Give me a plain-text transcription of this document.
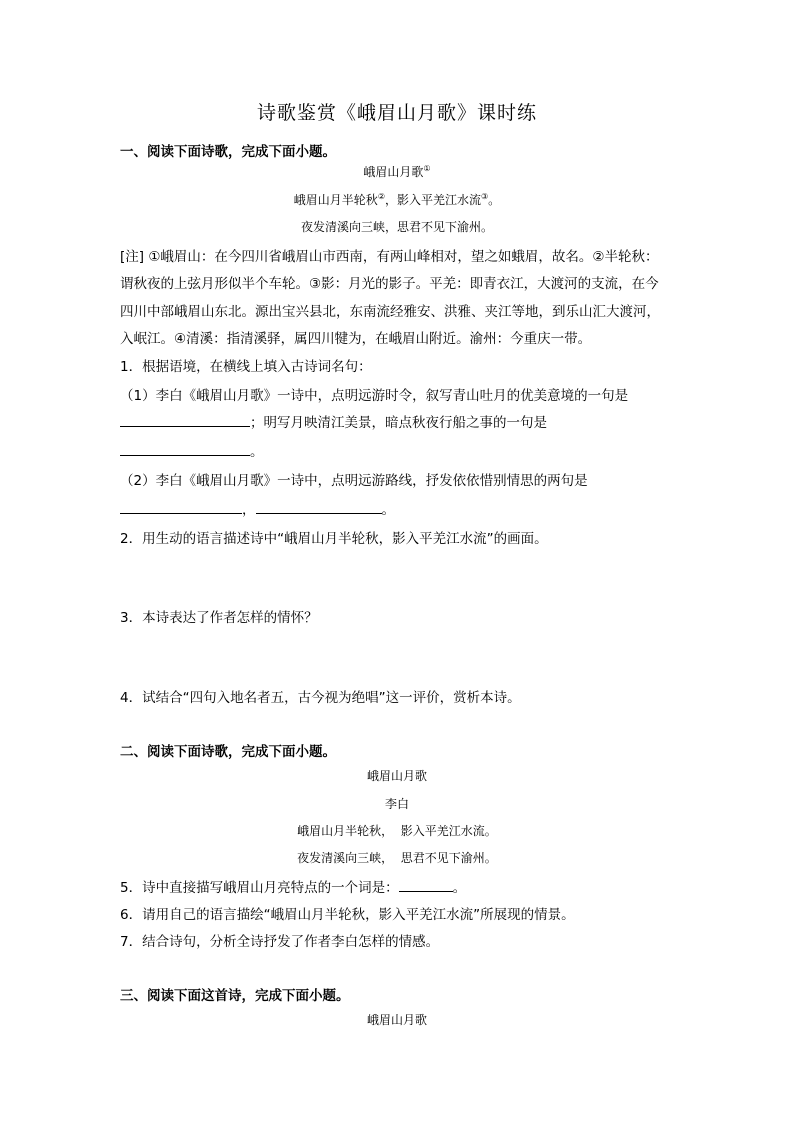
诗歌鉴赏《峨眉山月歌》课时练
一、阅读下面诗歌，完成下面小题。
峨眉山月歌①
峨眉山月半轮秋②，影入平羌江水流③。
夜发清溪向三峡，思君不见下渝州。
[注] ①峨眉山：在今四川省峨眉山市西南，有两山峰相对，望之如蛾眉，故名。②半轮秋：
谓秋夜的上弦月形似半个车轮。③影：月光的影子。平羌：即青衣江，大渡河的支流，在今
四川中部峨眉山东北。源出宝兴县北，东南流经雅安、洪雅、夹江等地，到乐山汇大渡河，
入岷江。④清溪：指清溪驿，属四川犍为，在峨眉山附近。渝州：今重庆一带。
1．根据语境，在横线上填入古诗词名句：
（1）李白《峨眉山月歌》一诗中，点明远游时令，叙写青山吐月的优美意境的一句是
；明写月映清江美景，暗点秋夜行船之事的一句是
。
（2）李白《峨眉山月歌》一诗中，点明远游路线，抒发依依惜别情思的两句是
，	。
2．用生动的语言描述诗中“峨眉山月半轮秋，影入平羌江水流”的画面。
3．本诗表达了作者怎样的情怀？
4．试结合“四句入地名者五，古今视为绝唱”这一评价，赏析本诗。
二、阅读下面诗歌，完成下面小题。
峨眉山月歌
李白
峨眉山月半轮秋，  影入平羌江水流。
夜发清溪向三峡，  思君不见下渝州。
5．诗中直接描写峨眉山月亮特点的一个词是：	。
6．请用自己的语言描绘“峨眉山月半轮秋，影入平羌江水流”所展现的情景。
7．结合诗句，分析全诗抒发了作者李白怎样的情感。
三、阅读下面这首诗，完成下面小题。
峨眉山月歌
